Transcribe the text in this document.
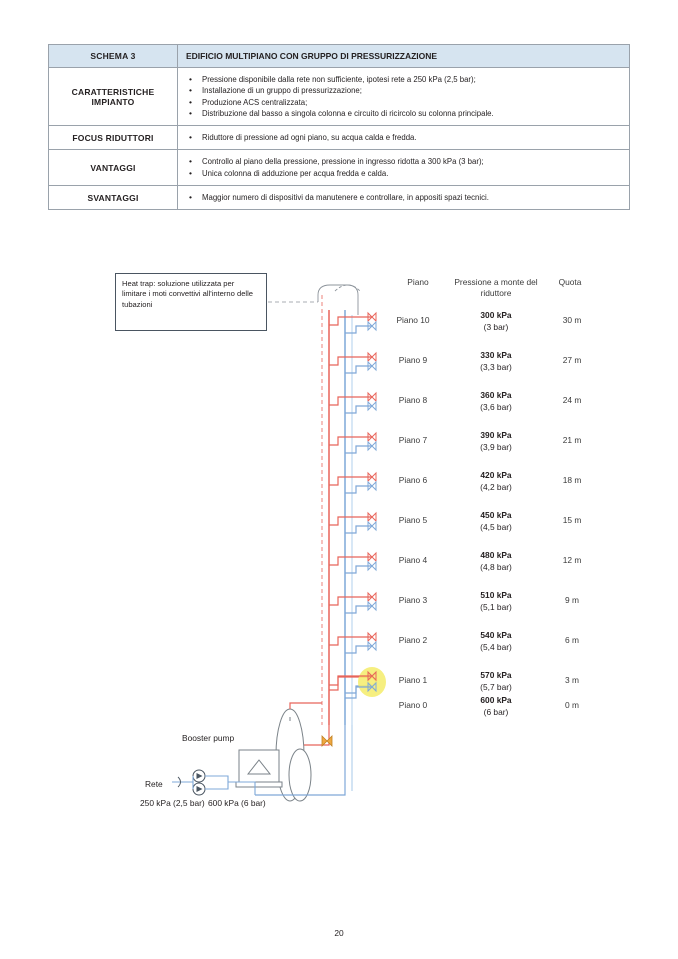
SCHEMA 3	EDIFICIO MULTIPIANO CON GRUPPO DI PRESSURIZZAZIONE
CARATTERISTICHE IMPIANTO	
• Pressione disponibile dalla rete non sufficiente, ipotesi rete a 250 kPa (2,5 bar);
• Installazione di un gruppo di pressurizzazione;
• Produzione ACS centralizzata;
• Distribuzione dal basso a singola colonna e circuito di ricircolo su colonna principale.

FOCUS RIDUTTORI	
•Riduttore di pressione ad ogni piano, su acqua calda e fredda.

VANTAGGI	
• Controllo al piano della pressione, pressione in ingresso ridotta a 300 kPa (3 bar);
• Unica colonna di adduzione per acqua fredda e calda.

SVANTAGGI	
•Maggior numero di dispositivi da manutenere e controllare, in appositi spazi tecnici.
Heat trap: soluzione utilizzata per limitare i moti convettivi all'interno delle tubazioni
Piano	Pressione a monte del riduttore
Quota
Piano 10	300 kPa
(3 bar)
30 m
Piano 9	330 kPa
(3,3 bar)
27 m
Piano 8	360 kPa
(3,6 bar)
24 m
Piano 7	390 kPa
(3,9 bar)
21 m
Piano 6	420 kPa
(4,2 bar)
18 m
Piano 5	450 kPa
(4,5 bar)
15 m
Piano 4	480 kPa
(4,8 bar)
12 m
Piano 3	510 kPa
(5,1 bar)
9 m
Piano 2	540 kPa
(5,4 bar)
6 m
Piano 1	570 kPa
(5,7 bar)
3 m
Piano 0	600 kPa
(6 bar)
0 m
Booster pump
Rete
250 kPa (2,5 bar) 600 kPa (6 bar)
20
